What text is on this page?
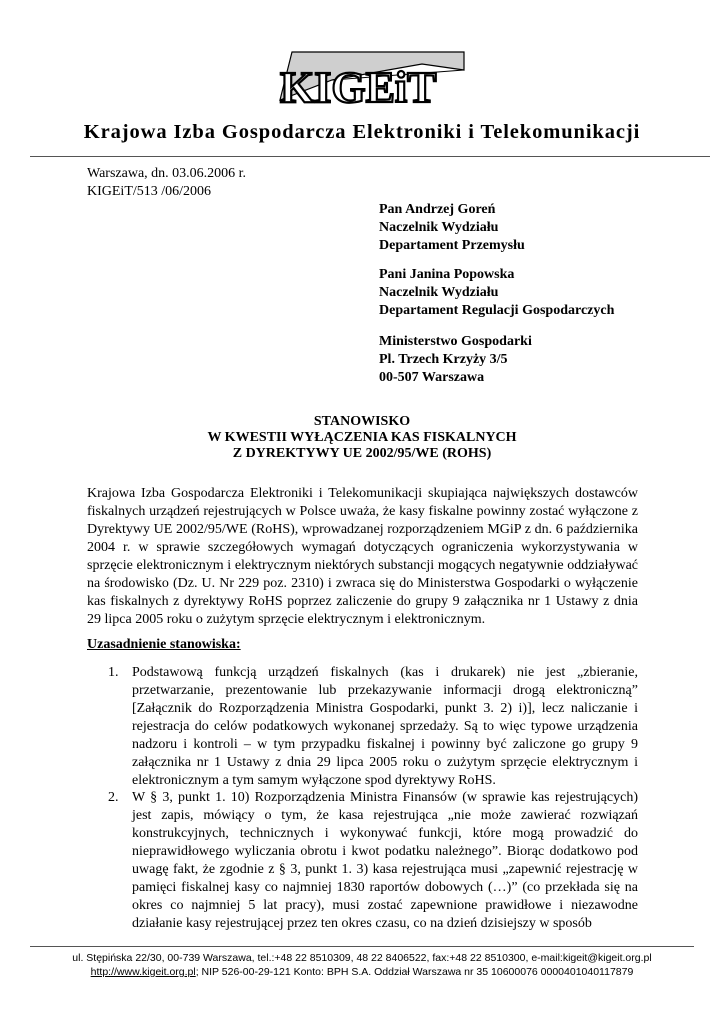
KIGEiT
Krajowa Izba Gospodarcza Elektroniki i Telekomunikacji
Warszawa, dn. 03.06.2006 r.
KIGEiT/513 /06/2006
Pan Andrzej Goreń
Naczelnik Wydziału
Departament Przemysłu
Pani Janina Popowska
Naczelnik Wydziału
Departament Regulacji Gospodarczych
Ministerstwo Gospodarki
Pl. Trzech Krzyży 3/5
00-507 Warszawa
STANOWISKO
W KWESTII WYŁĄCZENIA KAS FISKALNYCH
Z DYREKTYWY UE 2002/95/WE (ROHS)

Krajowa Izba Gospodarcza Elektroniki i Telekomunikacji skupiająca największych dostawców fiskalnych urządzeń rejestrujących w Polsce uważa, że kasy fiskalne powinny zostać wyłączone z Dyrektywy UE 2002/95/WE (RoHS), wprowadzanej rozporządzeniem MGiP z dn. 6 października 2004 r. w sprawie szczegółowych wymagań dotyczących ograniczenia wykorzystywania w sprzęcie elektronicznym i elektrycznym niektórych substancji mogących negatywnie oddziaływać na środowisko (Dz. U. Nr 229 poz. 2310) i zwraca się do Ministerstwa Gospodarki o wyłączenie kas fiskalnych z dyrektywy RoHS poprzez zaliczenie do grupy 9 załącznika nr 1 Ustawy z dnia 29 lipca 2005 roku o zużytym sprzęcie elektrycznym i elektronicznym.

Uzasadnienie stanowiska:
1. Podstawową funkcją urządzeń fiskalnych (kas i drukarek) nie jest „zbieranie, przetwarzanie, prezentowanie lub przekazywanie informacji drogą elektroniczną” [Załącznik do Rozporządzenia Ministra Gospodarki, punkt 3. 2) i)], lecz naliczanie i rejestracja do celów podatkowych wykonanej sprzedaży. Są to więc typowe urządzenia nadzoru i kontroli – w tym przypadku fiskalnej i powinny być zaliczone go grupy 9 załącznika nr 1 Ustawy z dnia 29 lipca 2005 roku o zużytym sprzęcie elektrycznym i elektronicznym a tym samym wyłączone spod dyrektywy RoHS.
2. W § 3, punkt 1. 10) Rozporządzenia Ministra Finansów (w sprawie kas rejestrujących) jest zapis, mówiący o tym, że kasa rejestrująca „nie może zawierać rozwiązań konstrukcyjnych, technicznych i wykonywać funkcji, które mogą prowadzić do nieprawidłowego wyliczania obrotu i kwot podatku należnego”. Biorąc dodatkowo pod uwagę fakt, że zgodnie z § 3, punkt 1. 3) kasa rejestrująca musi „zapewnić rejestrację w pamięci fiskalnej kasy co najmniej 1830 raportów dobowych (…)” (co przekłada się na okres co najmniej 5 lat pracy), musi zostać zapewnione prawidłowe i niezawodne działanie kasy rejestrującej przez ten okres czasu, co na dzień dzisiejszy w sposób
ul. Stępińska 22/30, 00-739 Warszawa, tel.:+48 22 8510309, 48 22 8406522, fax:+48 22 8510300, e-mail:kigeit@kigeit.org.pl
http://www.kigeit.org.pl; NIP 526-00-29-121 Konto: BPH S.A. Oddział Warszawa nr 35 10600076 0000401040117879
